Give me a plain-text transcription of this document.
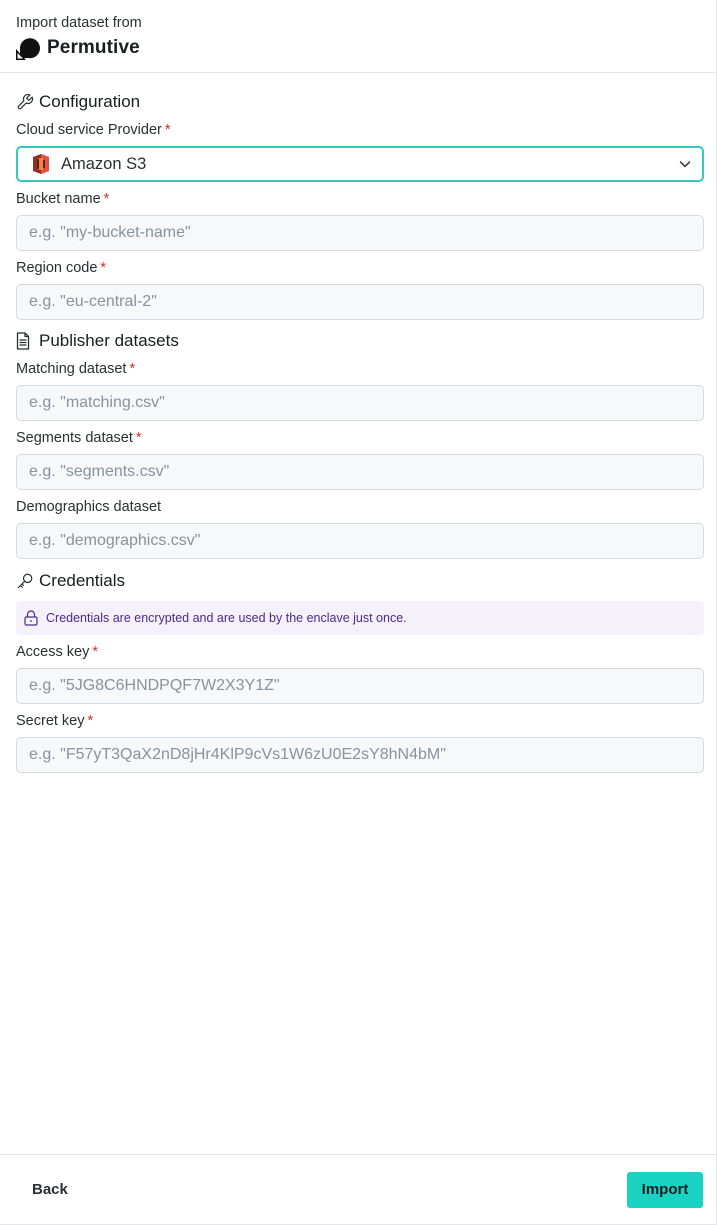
Import dataset from
Permutive
Configuration
Cloud service Provider *
Amazon S3
Bucket name *
e.g. "my-bucket-name"
Region code *
e.g. "eu-central-2"
Publisher datasets
Matching dataset *
e.g. "matching.csv"
Segments dataset *
e.g. "segments.csv"
Demographics dataset
e.g. "demographics.csv"
Credentials
Credentials are encrypted and are used by the enclave just once.
Access key *
e.g. "5JG8C6HNDPQF7W2X3Y1Z"
Secret key *
e.g. "F57yT3QaX2nD8jHr4KlP9cVs1W6zU0E2sY8hN4bM"
Back	Import
